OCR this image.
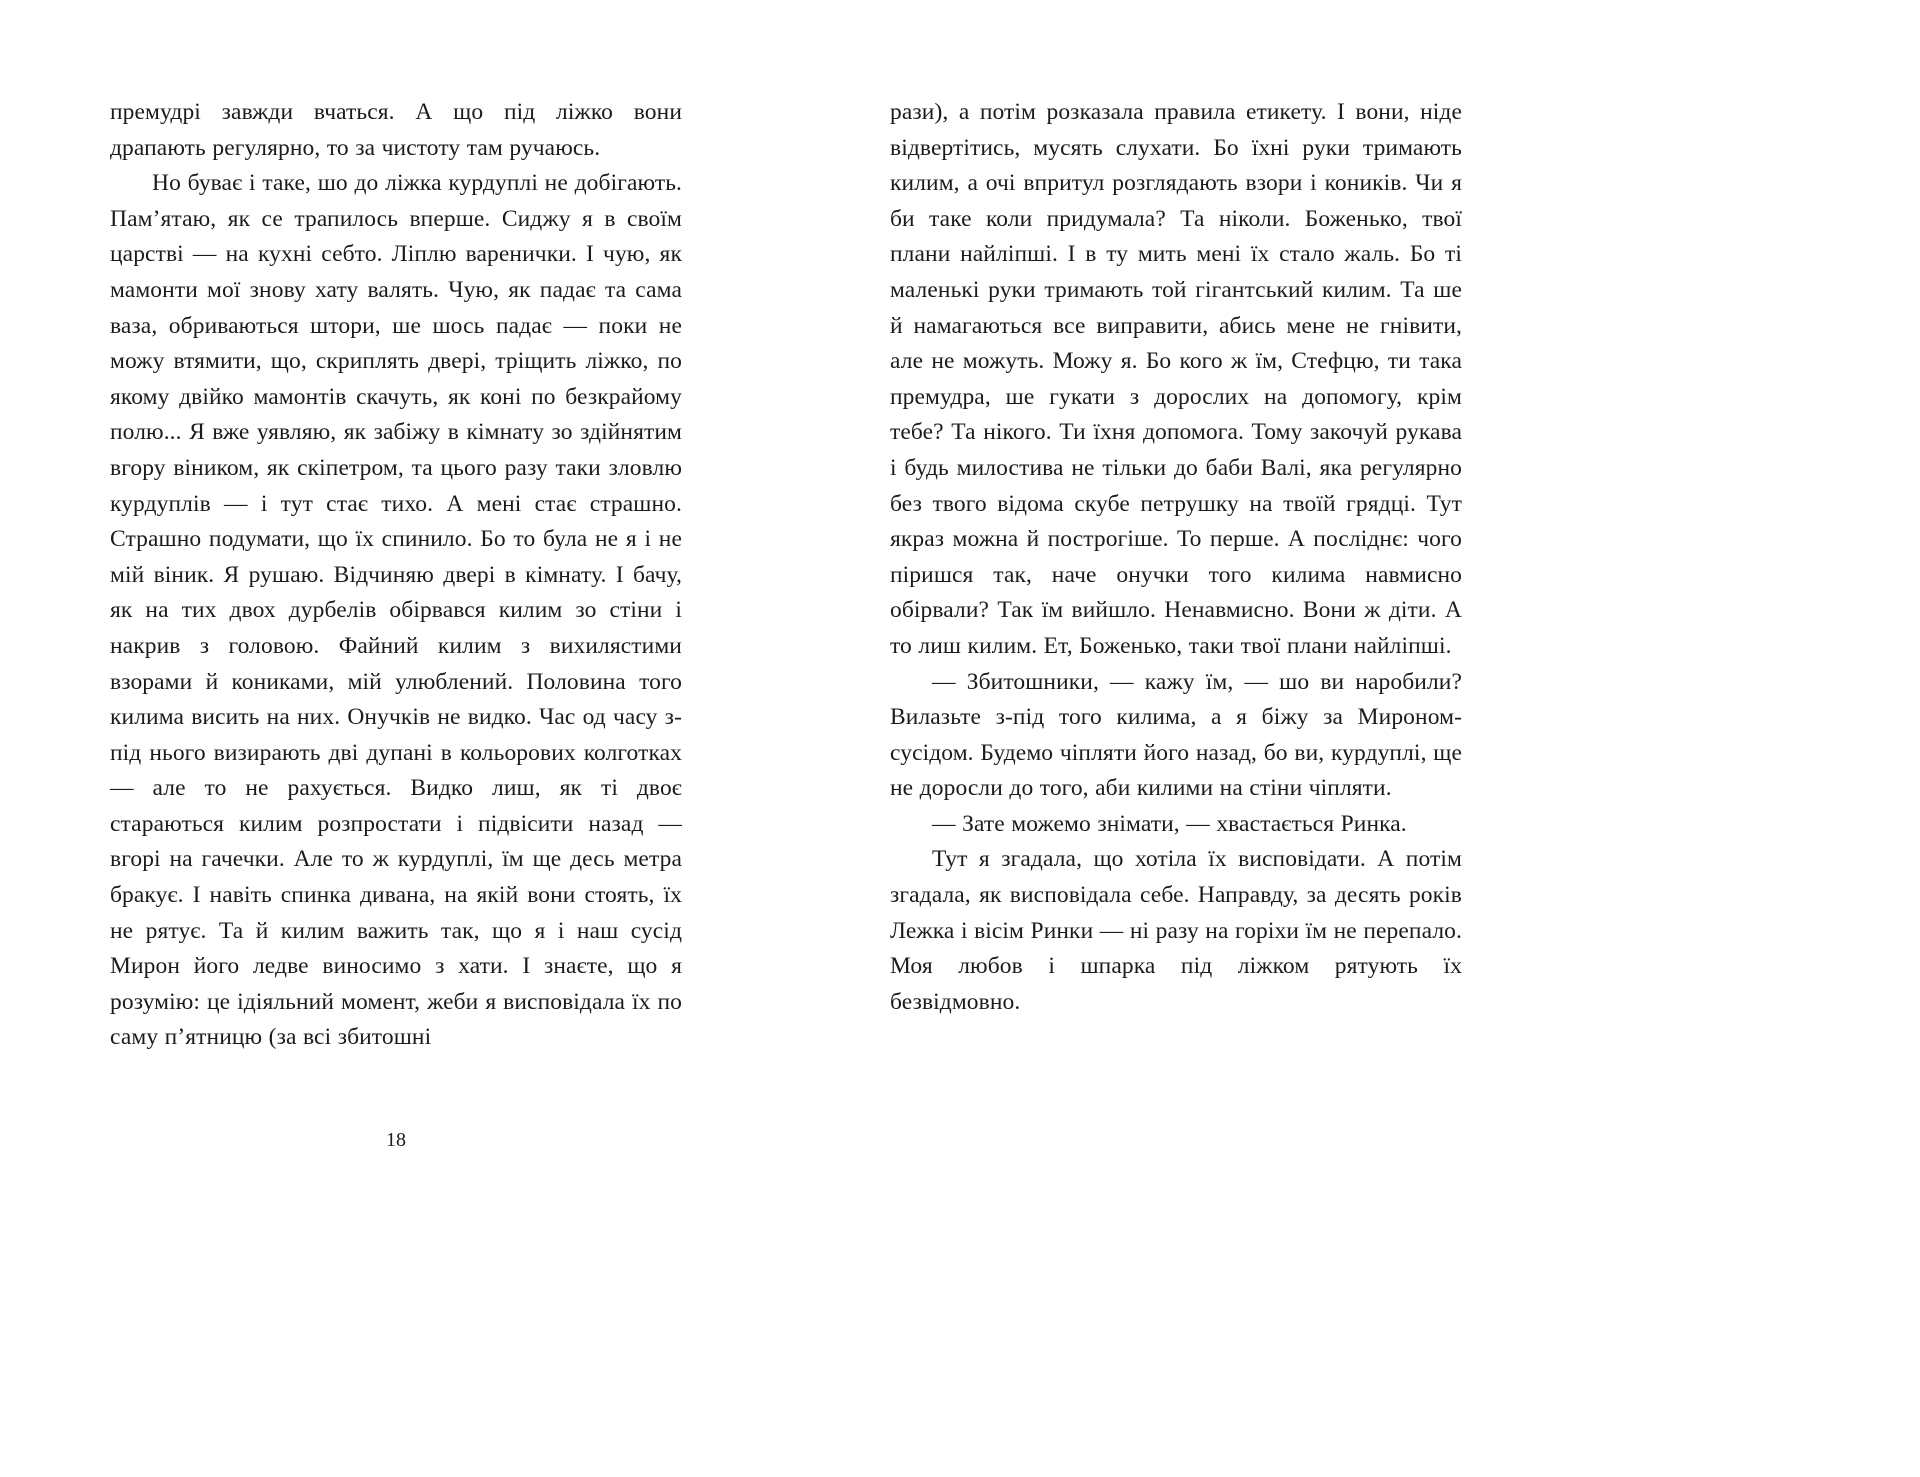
премудрі завжди вчаться. А що під ліжко вони драпають регулярно, то за чистоту там ручаюсь.

Но буває і таке, шо до ліжка курдуплі не добігають. Пам’ятаю, як се трапилось вперше. Сиджу я в своїм царстві — на кухні себто. Ліплю варенички. І чую, як мамонти мої знову хату валять. Чую, як падає та сама ваза, обриваються штори, ше шось падає — поки не можу втямити, що, скриплять двері, тріщить ліжко, по якому двійко мамонтів скачуть, як коні по безкрайому полю... Я вже уявляю, як забіжу в кімнату зо здійнятим вгору віником, як скіпетром, та цього разу таки зловлю курдуплів — і тут стає тихо. А мені стає страшно. Страшно подумати, що їх спинило. Бо то була не я і не мій віник. Я рушаю. Відчиняю двері в кімнату. І бачу, як на тих двох дурбелів обірвався килим зо стіни і накрив з головою. Файний килим з вихилястими взорами й кониками, мій улюблений. Половина того килима висить на них. Онучків не видко. Час од часу з-під нього визирають дві дупані в кольорових колготках — але то не рахується. Видко лиш, як ті двоє стараються килим розпростати і підвісити назад — вгорі на гачечки. Але то ж курдуплі, їм ще десь метра бракує. І навіть спинка дивана, на якій вони стоять, їх не рятує. Та й килим важить так, що я і наш сусід Мирон його ледве виносимо з хати. І знаєте, що я розумію: це ідіяльний момент, жеби я висповідала їх по саму п’ятницю (за всі збитошні

рази), а потім розказала правила етикету. І вони, ніде відвертітись, мусять слухати. Бо їхні руки тримають килим, а очі впритул розглядають взори і коників. Чи я би таке коли придумала? Та ніколи. Боженько, твої плани найліпші. І в ту мить мені їх стало жаль. Бо ті маленькі руки тримають той гігантський килим. Та ше й намагаються все виправити, абись мене не гнівити, але не можуть. Можу я. Бо кого ж їм, Стефцю, ти така премудра, ше гукати з дорослих на допомогу, крім тебе? Та нікого. Ти їхня допомога. Тому закочуй рукава і будь милостива не тільки до баби Валі, яка регулярно без твого відома скубе петрушку на твоїй грядці. Тут якраз можна й построгіше. То перше. А посліднє: чого піришся так, наче онучки того килима навмисно обірвали? Так їм вийшло. Ненавмисно. Вони ж діти. А то лиш килим. Ет, Боженько, таки твої плани найліпші.

— Збитошники, — кажу їм, — шо ви наробили? Вилазьте з-під того килима, а я біжу за Мироном-сусідом. Будемо чіпляти його назад, бо ви, курдуплі, ще не доросли до того, аби килими на стіни чіпляти.

— Зате можемо знімати, — хвастається Ринка.

Тут я згадала, що хотіла їх висповідати. А потім згадала, як висповідала себе. Направду, за десять років Лежка і вісім Ринки — ні разу на горіхи їм не перепало. Моя любов і шпарка під ліжком рятують їх безвідмовно.

18
